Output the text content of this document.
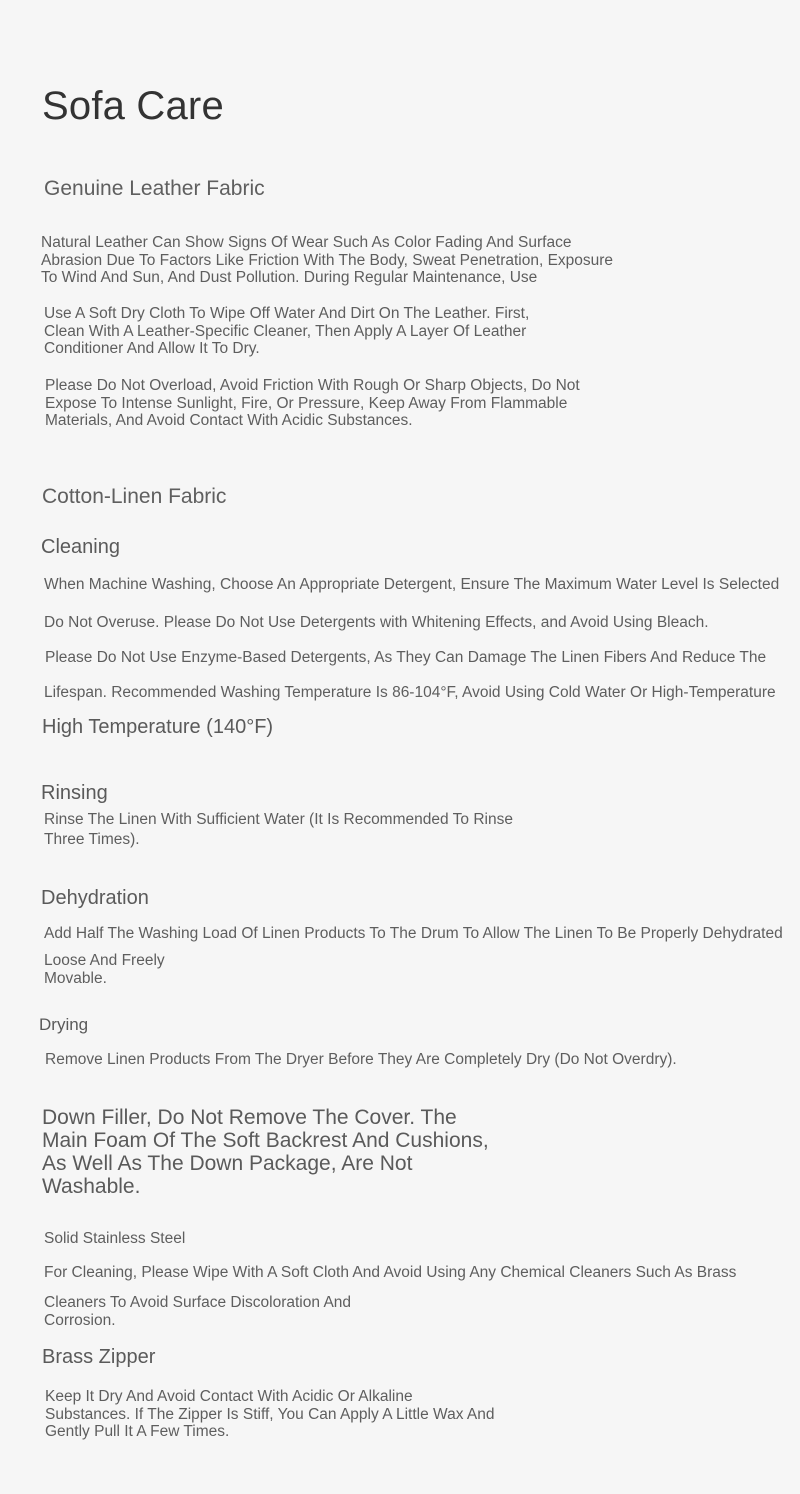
Sofa Care
Genuine Leather Fabric

Natural Leather Can Show Signs Of Wear Such As Color Fading And Surface
Abrasion Due To Factors Like Friction With The Body, Sweat Penetration, Exposure
To Wind And Sun, And Dust Pollution. During Regular Maintenance, Use

Use A Soft Dry Cloth To Wipe Off Water And Dirt On The Leather. First,
Clean With A Leather-Specific Cleaner, Then Apply A Layer Of Leather
Conditioner And Allow It To Dry.

Please Do Not Overload, Avoid Friction With Rough Or Sharp Objects, Do Not
Expose To Intense Sunlight, Fire, Or Pressure, Keep Away From Flammable
Materials, And Avoid Contact With Acidic Substances.

Cotton-Linen Fabric
Cleaning

When Machine Washing, Choose An Appropriate Detergent, Ensure The Maximum Water Level Is Selected

Do Not Overuse. Please Do Not Use Detergents with Whitening Effects, and Avoid Using Bleach.

Please Do Not Use Enzyme-Based Detergents, As They Can Damage The Linen Fibers And Reduce The

Lifespan. Recommended Washing Temperature Is 86-104°F, Avoid Using Cold Water Or High-Temperature

High Temperature (140°F)
Rinsing

Rinse The Linen With Sufficient Water (It Is Recommended To Rinse
Three Times).

Dehydration

Add Half The Washing Load Of Linen Products To The Drum To Allow The Linen To Be Properly Dehydrated

Loose And Freely
Movable.

Drying

Remove Linen Products From The Dryer Before They Are Completely Dry (Do Not Overdry).

Down Filler, Do Not Remove The Cover. The
Main Foam Of The Soft Backrest And Cushions,
As Well As The Down Package, Are Not
Washable.

Solid Stainless Steel

For Cleaning, Please Wipe With A Soft Cloth And Avoid Using Any Chemical Cleaners Such As Brass

Cleaners To Avoid Surface Discoloration And
Corrosion.

Brass Zipper

Keep It Dry And Avoid Contact With Acidic Or Alkaline
Substances. If The Zipper Is Stiff, You Can Apply A Little Wax And
Gently Pull It A Few Times.
